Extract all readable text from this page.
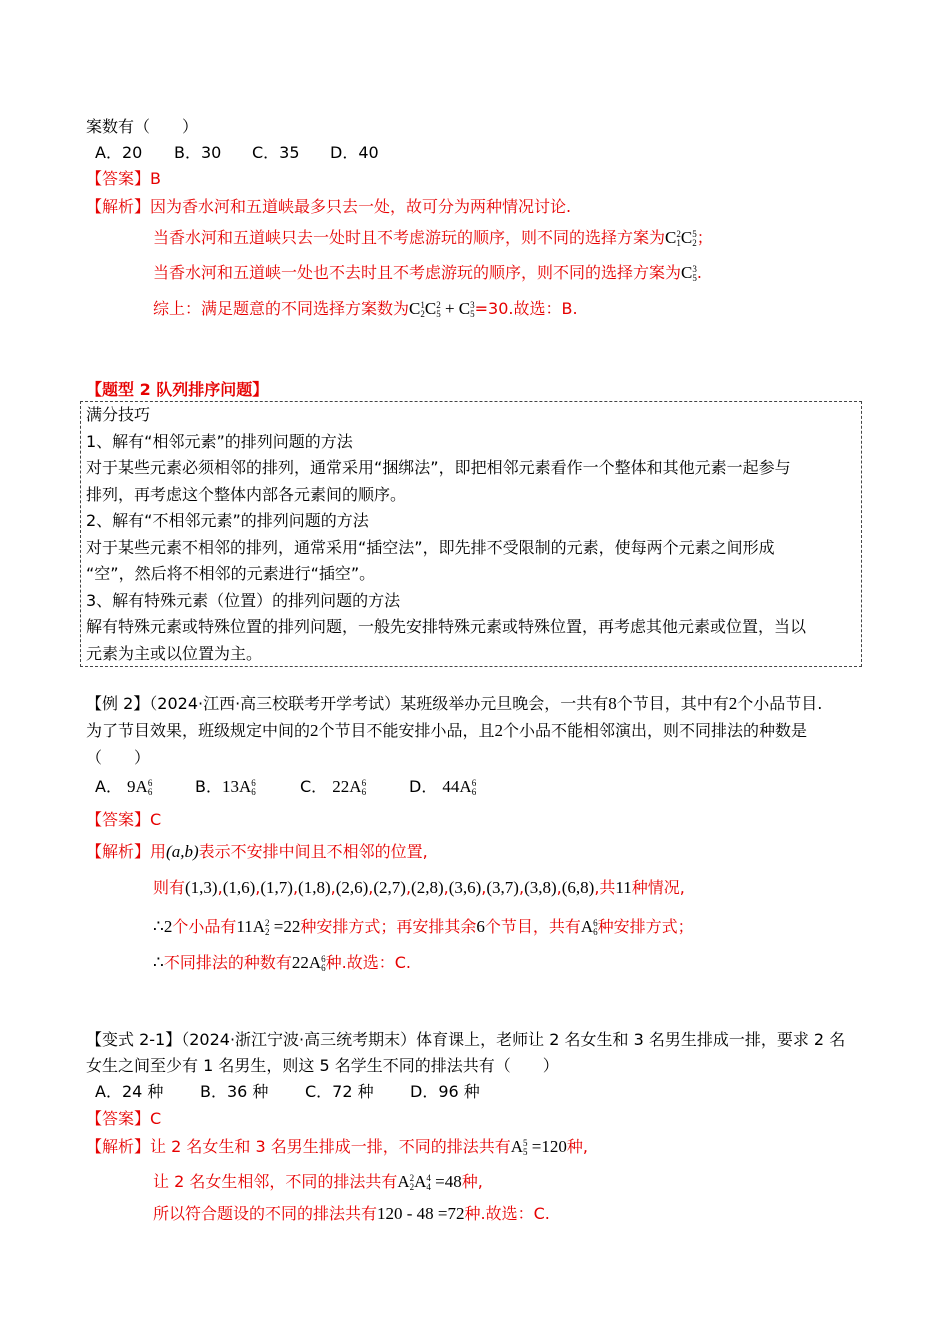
案数有（　　）
A．20 B．30 C．35 D．40
【答案】B
【解析】因为香水河和五道峡最多只去一处，故可分为两种情况讨论.
当香水河和五道峡只去一处时且不考虑游玩的顺序，则不同的选择方案为C2
1C5
2；
当香水河和五道峡一处也不去时且不考虑游玩的顺序，则不同的选择方案为C3
5.
综上：满足题意的不同选择方案数为C1
2C2
5 + C3
5=30.故选：B.
【题型 2 队列排序问题】
满分技巧
1、解有“相邻元素”的排列问题的方法
对于某些元素必须相邻的排列，通常采用“捆绑法”，即把相邻元素看作一个整体和其他元素一起参与
排列，再考虑这个整体内部各元素间的顺序。
2、解有“不相邻元素”的排列问题的方法
对于某些元素不相邻的排列，通常采用“插空法”，即先排不受限制的元素，使每两个元素之间形成
“空”，然后将不相邻的元素进行“插空”。
3、解有特殊元素（位置）的排列问题的方法
解有特殊元素或特殊位置的排列问题，一般先安排特殊元素或特殊位置，再考虑其他元素或位置，当以
元素为主或以位置为主。
【例 2】（2024·江西·高三校联考开学考试）某班级举办元旦晚会，一共有8个节目，其中有2个小品节目.
为了节目效果，班级规定中间的2个节目不能安排小品，且2个小品不能相邻演出，则不同排法的种数是
（　　）
A． 9A6
6	B．13A6
6	C． 22A6
6	D． 44A6
6
【答案】C
【解析】用(a,b)表示不安排中间且不相邻的位置,
则有(1,3),(1,6),(1,7),(1,8),(2,6),(2,7),(2,8),(3,6),(3,7),(3,8),(6,8),共11种情况,
∴2个小品有11A2
2 =22种安排方式；再安排其余6个节目，共有A6
6种安排方式；
∴不同排法的种数有22A6
6种.故选：C.
【变式 2-1】（2024·浙江宁波·高三统考期末）体育课上，老师让 2 名女生和 3 名男生排成一排，要求 2 名
女生之间至少有 1 名男生，则这 5 名学生不同的排法共有（　　）
A．24 种 B．36 种 C．72 种 D．96 种
【答案】C
【解析】让 2 名女生和 3 名男生排成一排，不同的排法共有A5
5 =120种,
让 2 名女生相邻，不同的排法共有A2
2A4
4 =48种,
所以符合题设的不同的排法共有120 - 48 =72种.故选：C.
